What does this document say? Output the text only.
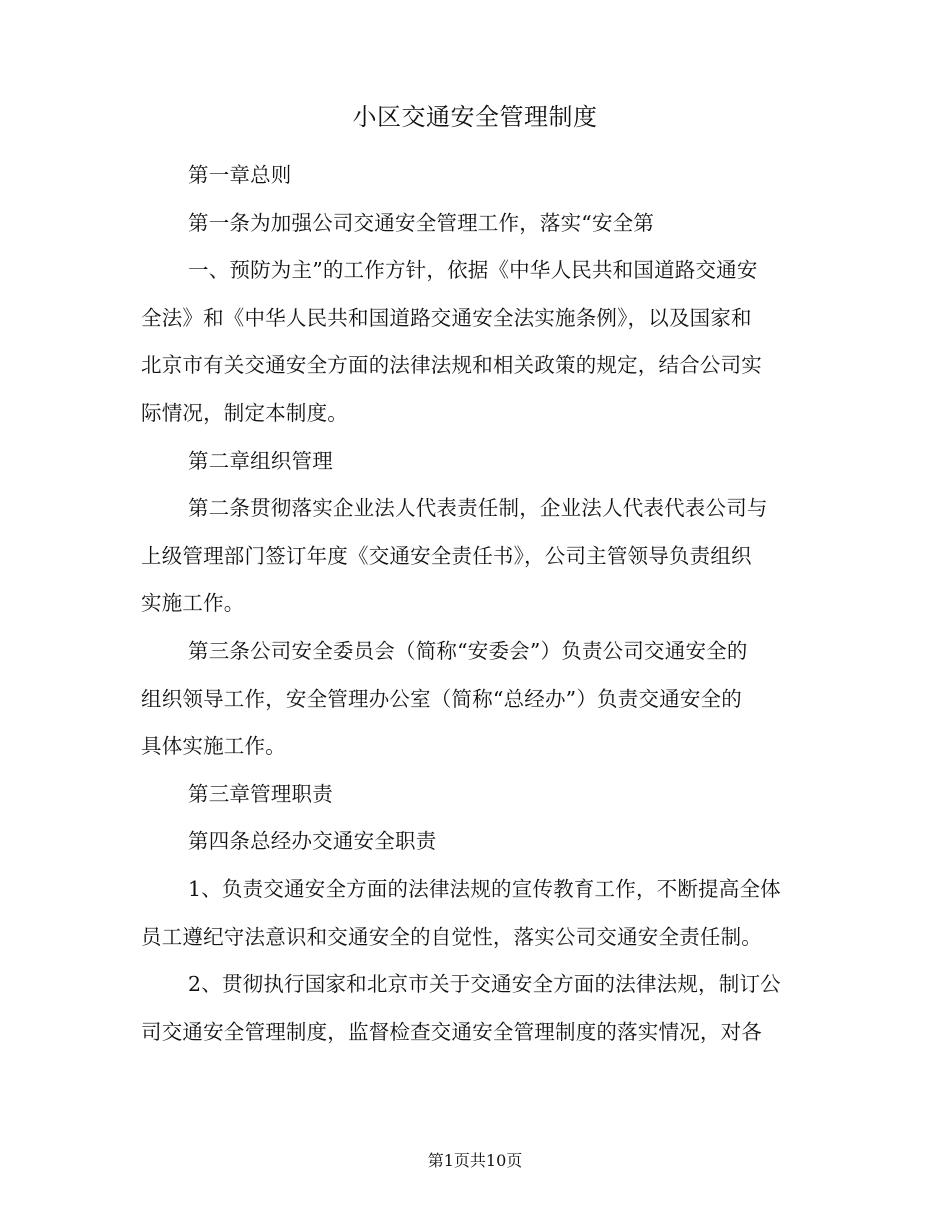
小区交通安全管理制度
第一章总则
第一条为加强公司交通安全管理工作，落实“安全第
一、预防为主”的工作方针，依据《中华人民共和国道路交通安
全法》和《中华人民共和国道路交通安全法实施条例》，以及国家和
北京市有关交通安全方面的法律法规和相关政策的规定，结合公司实
际情况，制定本制度。
第二章组织管理
第二条贯彻落实企业法人代表责任制，企业法人代表代表公司与
上级管理部门签订年度《交通安全责任书》，公司主管领导负责组织
实施工作。
第三条公司安全委员会（简称“安委会”）负责公司交通安全的
组织领导工作，安全管理办公室（简称“总经办”）负责交通安全的
具体实施工作。
第三章管理职责
第四条总经办交通安全职责
1、负责交通安全方面的法律法规的宣传教育工作，不断提高全体
员工遵纪守法意识和交通安全的自觉性，落实公司交通安全责任制。
2、贯彻执行国家和北京市关于交通安全方面的法律法规，制订公
司交通安全管理制度，监督检查交通安全管理制度的落实情况，对各
第1页共10页
